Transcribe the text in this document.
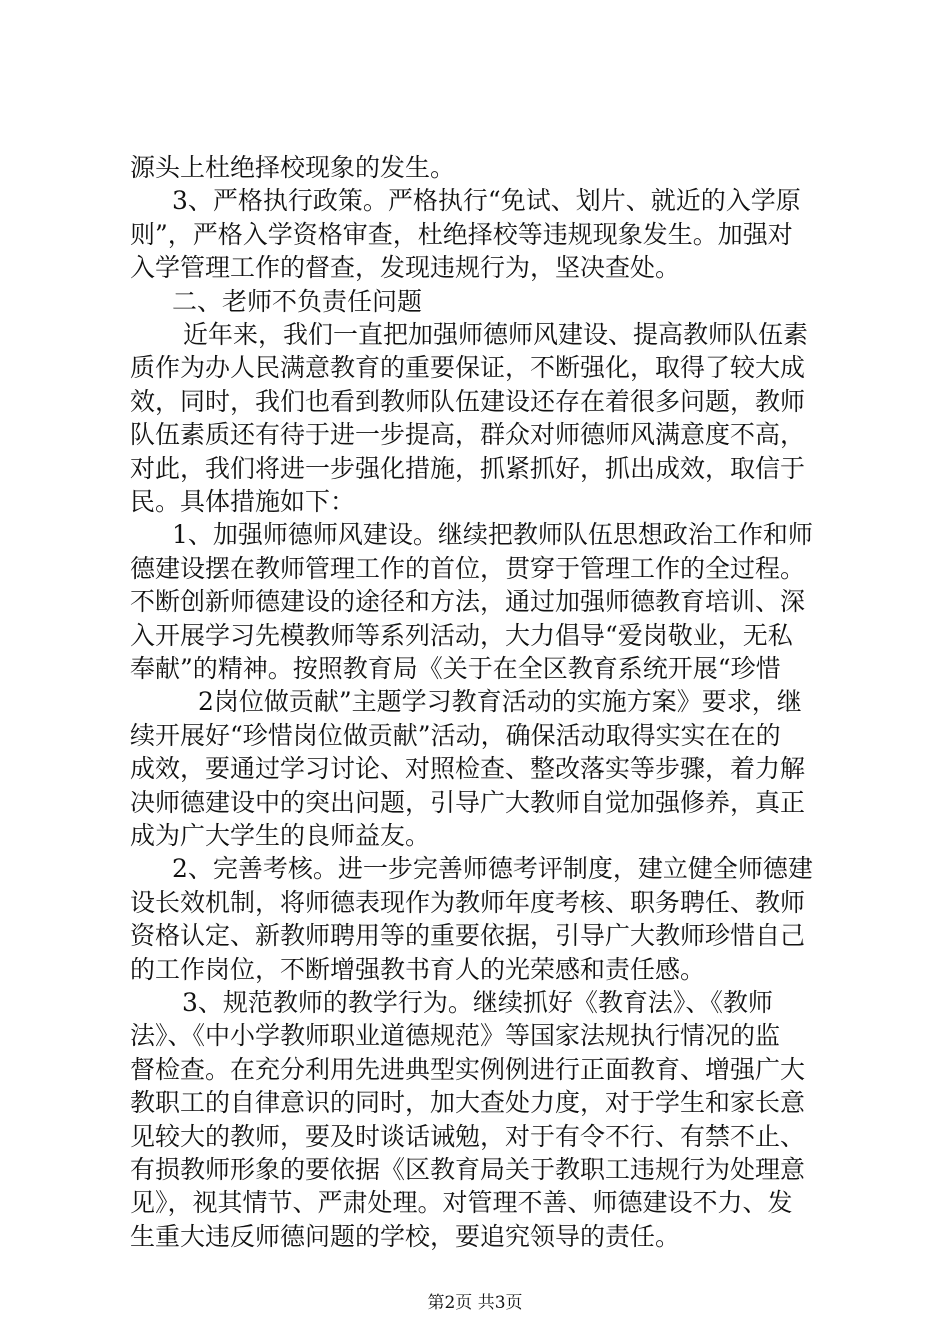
源头上杜绝择校现象的发生。
3、严格执行政策。严格执行“免试、划片、就近的入学原
则”，严格入学资格审查，杜绝择校等违规现象发生。加强对
入学管理工作的督查，发现违规行为，坚决查处。
二、老师不负责任问题
近年来，我们一直把加强师德师风建设、提高教师队伍素
质作为办人民满意教育的重要保证，不断强化，取得了较大成
效，同时，我们也看到教师队伍建设还存在着很多问题，教师
队伍素质还有待于进一步提高，群众对师德师风满意度不高，
对此，我们将进一步强化措施，抓紧抓好，抓出成效，取信于
民。具体措施如下：
1、加强师德师风建设。继续把教师队伍思想政治工作和师
德建设摆在教师管理工作的首位，贯穿于管理工作的全过程。
不断创新师德建设的途径和方法，通过加强师德教育培训、深
入开展学习先模教师等系列活动，大力倡导“爱岗敬业，无私
奉献”的精神。按照教育局《关于在全区教育系统开展“珍惜
2岗位做贡献”主题学习教育活动的实施方案》要求，继
续开展好“珍惜岗位做贡献”活动，确保活动取得实实在在的
成效，要通过学习讨论、对照检查、整改落实等步骤，着力解
决师德建设中的突出问题，引导广大教师自觉加强修养，真正
成为广大学生的良师益友。
2、完善考核。进一步完善师德考评制度，建立健全师德建
设长效机制，将师德表现作为教师年度考核、职务聘任、教师
资格认定、新教师聘用等的重要依据，引导广大教师珍惜自己
的工作岗位，不断增强教书育人的光荣感和责任感。
3、规范教师的教学行为。继续抓好《教育法》、《教师
法》、《中小学教师职业道德规范》等国家法规执行情况的监
督检查。在充分利用先进典型实例例进行正面教育、增强广大
教职工的自律意识的同时，加大查处力度，对于学生和家长意
见较大的教师，要及时谈话诫勉，对于有令不行、有禁不止、
有损教师形象的要依据《区教育局关于教职工违规行为处理意
见》，视其情节、严肃处理。对管理不善、师德建设不力、发
生重大违反师德问题的学校，要追究领导的责任。
第2页 共3页
